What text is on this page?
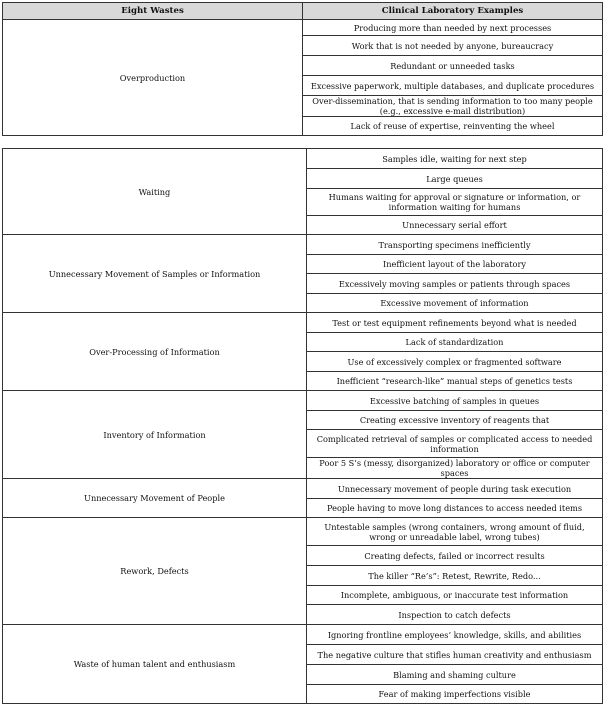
Eight Wastes	Clinical Laboratory Examples
Overproduction	Producing more than needed by next processes
	Work that is not needed by anyone, bureaucracy
	Redundant or unneeded tasks
	Excessive paperwork, multiple databases, and duplicate procedures
	Over-dissemination, that is sending information to too many people (e.g., excessive e-mail distribution)
	Lack of reuse of expertise, reinventing the wheel
Waiting	Samples idle, waiting for next step
	Large queues
	Humans waiting for approval or signature or information, or information waiting for humans
	Unnecessary serial effort
Unnecessary Movement of Samples or Information	Transporting specimens inefficiently
	Inefficient layout of the laboratory
	Excessively moving samples or patients through spaces
	Excessive movement of information
Over-Processing of Information	Test or test equipment refinements beyond what is needed
	Lack of standardization
	Use of excessively complex or fragmented software
	Inefficient “research-like” manual steps of genetics tests
Inventory of Information	Excessive batching of samples in queues
	Creating excessive inventory of reagents that
	Complicated retrieval of samples or complicated access to needed information
	Poor 5 S’s (messy, disorganized) laboratory or office or computer spaces
Unnecessary Movement of People	Unnecessary movement of people during task execution
	People having to move long distances to access needed items
Rework, Defects	Untestable samples (wrong containers, wrong amount of fluid, wrong or unreadable label, wrong tubes)
	Creating defects, failed or incorrect results
	The killer “Re’s”: Retest, Rewrite, Redo...
	Incomplete, ambiguous, or inaccurate test information
	Inspection to catch defects
Waste of human talent and enthusiasm	Ignoring frontline employees’ knowledge, skills, and abilities
	The negative culture that stifles human creativity and enthusiasm
	Blaming and shaming culture
	Fear of making imperfections visible
